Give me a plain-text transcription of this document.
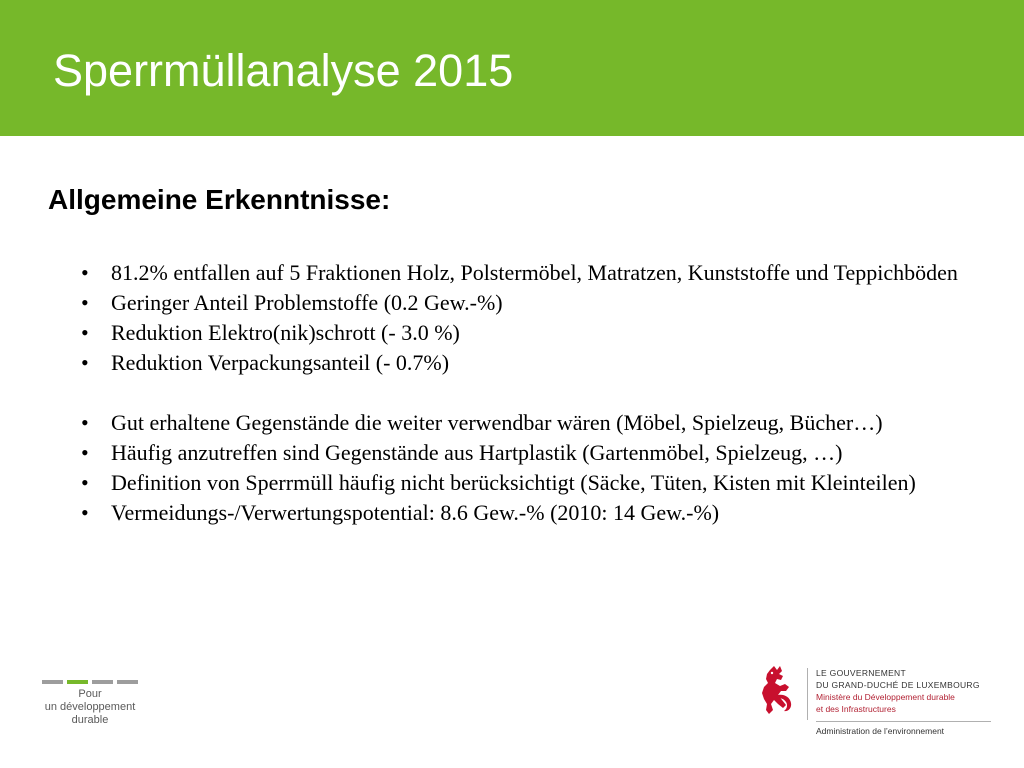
Sperrmüllanalyse 2015
Allgemeine Erkenntnisse:
• 81.2% entfallen auf 5 Fraktionen Holz, Polstermöbel, Matratzen, Kunststoffe und Teppichböden
• Geringer Anteil Problemstoffe (0.2 Gew.-%)
• Reduktion Elektro(nik)schrott (- 3.0 %)
• Reduktion Verpackungsanteil (- 0.7%)
• Gut erhaltene Gegenstände die weiter verwendbar wären (Möbel, Spielzeug, Bücher…)
• Häufig anzutreffen sind Gegenstände aus Hartplastik (Gartenmöbel, Spielzeug, …)
• Definition von Sperrmüll häufig nicht berücksichtigt (Säcke, Tüten, Kisten mit Kleinteilen)
• Vermeidungs-/Verwertungspotential: 8.6 Gew.-% (2010: 14 Gew.-%)
Pour
un développement
durable
LE GOUVERNEMENT
DU GRAND-DUCHÉ DE LUXEMBOURG
Ministère du Développement durable
et des Infrastructures
Administration de l’environnement
